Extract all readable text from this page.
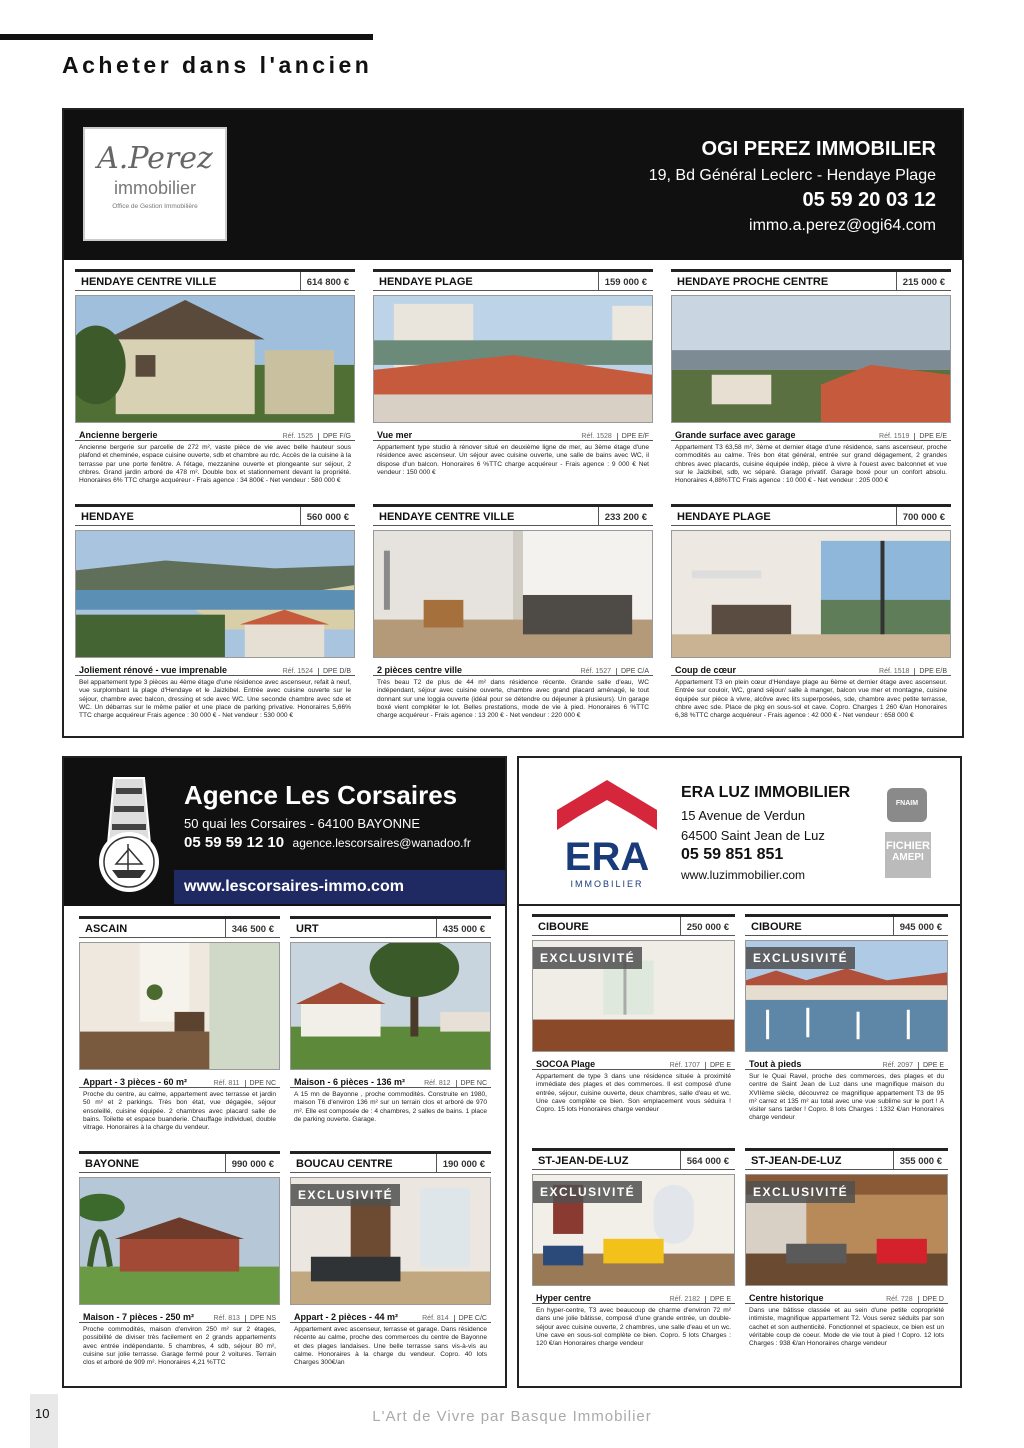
Acheter dans l'ancien
A.Perez
immobilier
Office de Gestion Immobilière
OGI PEREZ IMMOBILIER
19, Bd Général Leclerc - Hendaye Plage
05 59 20 03 12
immo.a.perez@ogi64.com
HENDAYE CENTRE VILLE	614 800 €
Ancienne bergerie	Réf. 1525	DPE F/G
Ancienne bergerie sur parcelle de 272 m², vaste pièce de vie avec belle hauteur sous plafond et cheminée, espace cuisine ouverte, sdb et chambre au rdc. Accès de la cuisine à la terrasse par une porte fenêtre. A l'étage, mezzanine ouverte et plongeante sur séjour, 2 chbres. Grand jardin arboré de 478 m². Double box et stationnement devant la propriété. Honoraires 6% TTC charge acquéreur - Frais agence : 34 800€ - Net vendeur : 580 000 €
HENDAYE PLAGE	159 000 €
Vue mer	Réf. 1528	DPE E/F
Appartement type studio à rénover situé en deuxième ligne de mer, au 3ème étage d'une résidence avec ascenseur. Un séjour avec cuisine ouverte, une salle de bains avec WC, il dispose d'un balcon. Honoraires 6 %TTC charge acquéreur - Frais agence : 9 000 € Net vendeur : 150 000 €
HENDAYE PROCHE CENTRE	215 000 €
Grande surface avec garage	Réf. 1519	DPE E/E
Appartement T3 63,58 m², 3ème et dernier étage d'une résidence, sans ascenseur, proche commodités au calme. Très bon état général, entrée sur grand dégagement, 2 grandes chbres avec placards, cuisine équipée indép, pièce à vivre à l'ouest avec balconnet et vue sur le Jaizkibel, sdb, wc séparé. Garage privatif. Garage boxé pour un confort absolu. Honoraires 4,88%TTC Frais agence : 10 000 € - Net vendeur : 205 000 €
HENDAYE	560 000 €
Joliement rénové - vue imprenable	Réf. 1524	DPE D/B
Bel appartement type 3 pièces au 4ème étage d'une résidence avec ascenseur, refait à neuf, vue surplombant la plage d'Hendaye et le Jaizkibel. Entrée avec cuisine ouverte sur le séjour, chambre avec balcon, dressing et sde avec WC. Une seconde chambre avec sde et WC. Un débarras sur le même palier et une place de parking privative. Honoraires 5,66% TTC charge acquéreur Frais agence : 30 000 € - Net vendeur : 530 000 €
HENDAYE CENTRE VILLE	233 200 €
2 pièces centre ville	Réf. 1527	DPE C/A
Très beau T2 de plus de 44 m² dans résidence récente. Grande salle d'eau, WC indépendant, séjour avec cuisine ouverte, chambre avec grand placard aménagé, le tout donnant sur une loggia ouverte (idéal pour se détendre ou déjeuner à plusieurs). Un garage boxé vient compléter le lot. Belles prestations, mode de vie à pied. Honoraires 6 %TTC charge acquéreur - Frais agence : 13 200 € - Net vendeur : 220 000 €
HENDAYE PLAGE	700 000 €
Coup de cœur	Réf. 1518	DPE E/B
Appartement T3 en plein cœur d'Hendaye plage au 6ème et dernier étage avec ascenseur. Entrée sur couloir, WC, grand séjour/ salle à manger, balcon vue mer et montagne, cuisine équipée sur pièce à vivre, alcôve avec lits superposées, sde, chambre avec petite terrasse, chbre avec sde. Place de pkg en sous-sol et cave. Copro. Charges 1 260 €/an Honoraires 6,38 %TTC charge acquéreur - Frais agence : 42 000 € - Net vendeur : 658 000 €
Agence Les Corsaires
50 quai les Corsaires - 64100 BAYONNE
05 59 59 12 10 agence.lescorsaires@wanadoo.fr
www.lescorsaires-immo.com
ASCAIN	346 500 €
Appart - 3 pièces - 60 m²	Réf. 811	DPE NC
Proche du centre, au calme, appartement avec terrasse et jardin 50 m² et 2 parkings. Très bon état, vue dégagée, séjour ensoleillé, cuisine équipée. 2 chambres avec placard salle de bains. Toilette et espace buanderie. Chauffage individuel, double vitrage. Honoraires à la charge du vendeur.
URT	435 000 €
Maison - 6 pièces - 136 m²	Réf. 812	DPE NC
A 15 mn de Bayonne , proche commodités. Construite en 1980, maison T6 d'environ 136 m² sur un terrain clos et arboré de 970 m². Elle est composée de : 4 chambres, 2 salles de bains. 1 place de parking ouverte. Garage.
BAYONNE	990 000 €
Maison - 7 pièces - 250 m²	Réf. 813	DPE NS
Proche commodités, maison d'environ 250 m² sur 2 étages, possibilité de diviser très facilement en 2 grands appartements avec entrée indépendante. 5 chambres, 4 sdb, séjour 80 m², cuisine sur jolie terrasse. Garage fermé pour 2 voitures. Terrain clos et arboré de 909 m². Honoraires 4,21 %TTC
BOUCAU CENTRE	190 000 €
EXCLUSIVITÉ
Appart - 2 pièces - 44 m²	Réf. 814	DPE C/C
Appartement avec ascenseur, terrasse et garage. Dans résidence récente au calme, proche des commerces du centre de Bayonne et des plages landaises. Une belle terrasse sans vis-à-vis au calme. Honoraires à la charge du vendeur. Copro. 40 lots Charges 300€/an
ERA
IMMOBILIER
ERA LUZ IMMOBILIER
15 Avenue de Verdun
64500 Saint Jean de Luz
05 59 851 851
www.luzimmobilier.com
FNAIM
FICHIER
AMEPI
CIBOURE	250 000 €
EXCLUSIVITÉ
SOCOA Plage	Réf. 1707	DPE E
Appartement de type 3 dans une résidence située à proximité immédiate des plages et des commerces. Il est composé d'une entrée, séjour, cuisine ouverte, deux chambres, salle d'eau et wc. Une cave complète ce bien. Son emplacement vous séduira ! Copro. 15 lots Honoraires charge vendeur
CIBOURE	945 000 €
EXCLUSIVITÉ
Tout à pieds	Réf. 2097	DPE E
Sur le Quai Ravel, proche des commerces, des plages et du centre de Saint Jean de Luz dans une magnifique maison du XVIIème siècle, découvrez ce magnifique appartement T3 de 95 m² carrez et 135 m² au total avec une vue sublime sur le port ! A visiter sans tarder ! Copro. 8 lots Charges : 1332 €/an Honoraires charge vendeur
ST-JEAN-DE-LUZ	564 000 €
EXCLUSIVITÉ
Hyper centre	Réf. 2182	DPE E
En hyper-centre, T3 avec beaucoup de charme d'environ 72 m² dans une jolie bâtisse, composé d'une grande entrée, un double-séjour avec cuisine ouverte, 2 chambres, une salle d'eau et un wc. Une cave en sous-sol complète ce bien. Copro. 5 lots Charges : 120 €/an Honoraires charge vendeur
ST-JEAN-DE-LUZ	355 000 €
EXCLUSIVITÉ
Centre historique	Réf. 728	DPE D
Dans une bâtisse classée et au sein d'une petite copropriété intimiste, magnifique appartement T2. Vous serez séduits par son cachet et son authenticité. Fonctionnel et spacieux, ce bien est un véritable coup de coeur. Mode de vie tout à pied ! Copro. 12 lots Charges : 938 €/an Honoraires charge vendeur
10	L'Art de Vivre par Basque Immobilier
